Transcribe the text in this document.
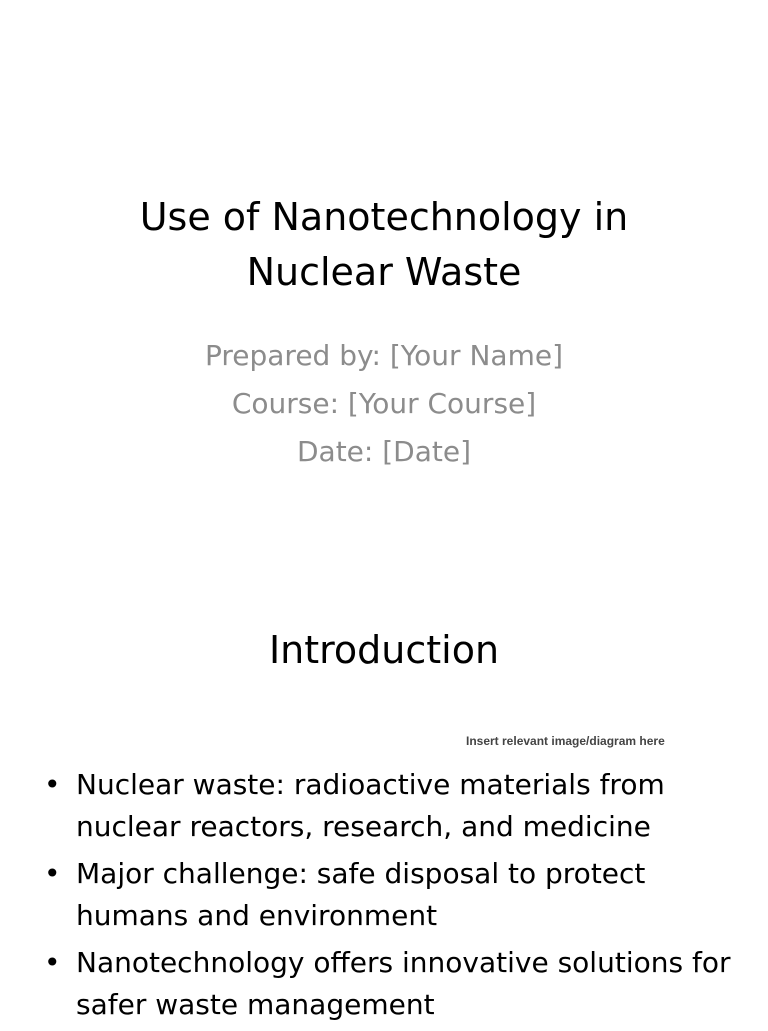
Use of Nanotechnology in
Nuclear Waste
Prepared by: [Your Name]
Course: [Your Course]
Date: [Date]
Introduction
Insert relevant image/diagram here
• Nuclear waste: radioactive materials from nuclear reactors, research, and medicine
• Major challenge: safe disposal to protect humans and environment
• Nanotechnology offers innovative solutions for safer waste management
